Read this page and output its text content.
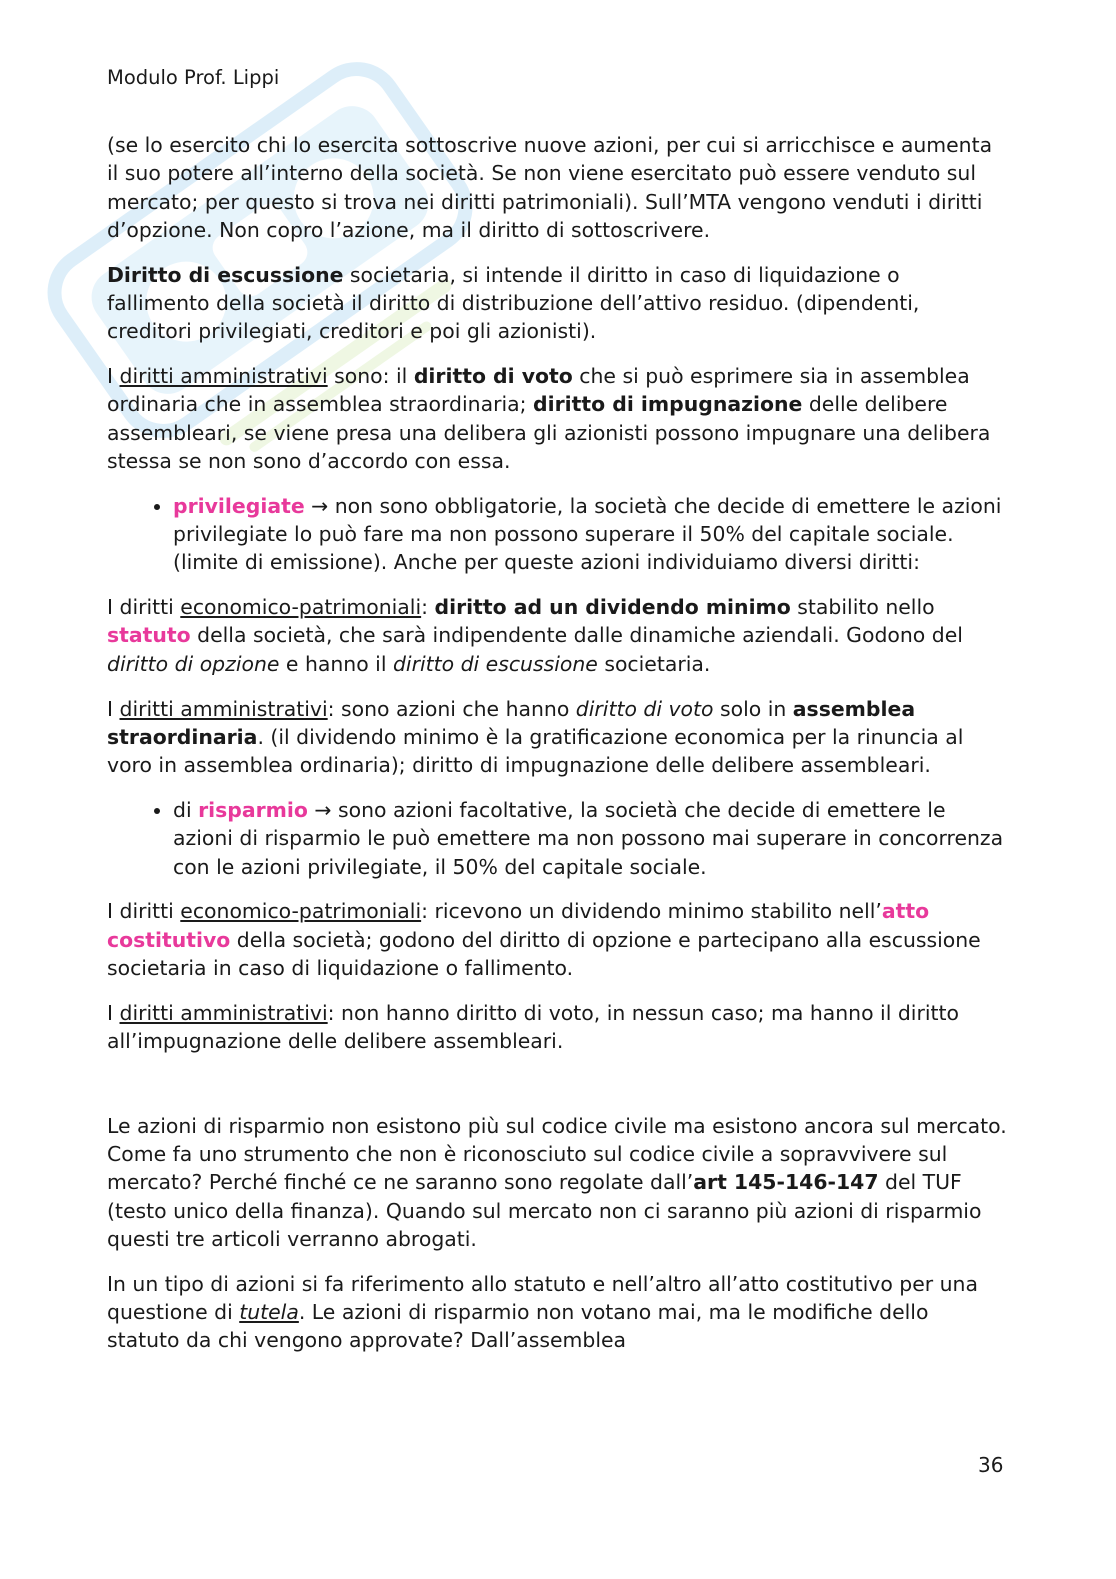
Modulo Prof. Lippi

(se lo esercito chi lo esercita sottoscrive nuove azioni, per cui si arricchisce e aumenta il suo potere all’interno della società. Se non viene esercitato può essere venduto sul mercato; per questo si trova nei diritti patrimoniali). Sull’MTA vengono venduti i diritti d’opzione. Non copro l’azione, ma il diritto di sottoscrivere.

Diritto di escussione societaria, si intende il diritto in caso di liquidazione o fallimento della società il diritto di distribuzione dell’attivo residuo. (dipendenti, creditori privilegiati, creditori e poi gli azionisti).

I diritti amministrativi sono: il diritto di voto che si può esprimere sia in assemblea ordinaria che in assemblea straordinaria; diritto di impugnazione delle delibere assembleari, se viene presa una delibera gli azionisti possono impugnare una delibera stessa se non sono d’accordo con essa.

• privilegiate → non sono obbligatorie, la società che decide di emettere le azioni privilegiate lo può fare ma non possono superare il 50% del capitale sociale. (limite di emissione). Anche per queste azioni individuiamo diversi diritti:

I diritti economico-patrimoniali: diritto ad un dividendo minimo stabilito nello statuto della società, che sarà indipendente dalle dinamiche aziendali. Godono del diritto di opzione e hanno il diritto di escussione societaria.

I diritti amministrativi: sono azioni che hanno diritto di voto solo in assemblea straordinaria. (il dividendo minimo è la gratificazione economica per la rinuncia al voro in assemblea ordinaria); diritto di impugnazione delle delibere assembleari.

• di risparmio → sono azioni facoltative, la società che decide di emettere le azioni di risparmio le può emettere ma non possono mai superare in concorrenza con le azioni privilegiate, il 50% del capitale sociale.

I diritti economico-patrimoniali: ricevono un dividendo minimo stabilito nell’atto costitutivo della società; godono del diritto di opzione e partecipano alla escussione societaria in caso di liquidazione o fallimento.

I diritti amministrativi: non hanno diritto di voto, in nessun caso; ma hanno il diritto all’impugnazione delle delibere assembleari.

Le azioni di risparmio non esistono più sul codice civile ma esistono ancora sul mercato. Come fa uno strumento che non è riconosciuto sul codice civile a sopravvivere sul mercato? Perché finché ce ne saranno sono regolate dall’art 145-146-147 del TUF (testo unico della finanza). Quando sul mercato non ci saranno più azioni di risparmio questi tre articoli verranno abrogati.

In un tipo di azioni si fa riferimento allo statuto e nell’altro all’atto costitutivo per una questione di tutela. Le azioni di risparmio non votano mai, ma le modifiche dello statuto da chi vengono approvate? Dall’assemblea

36
